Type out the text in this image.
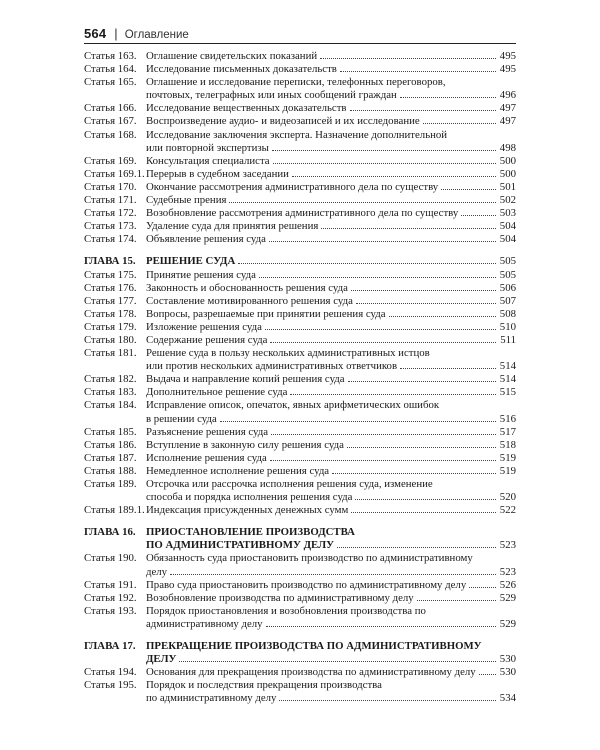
564 | Оглавление
Статья 163. Оглашение свидетельских показаний	495
Статья 164. Исследование письменных доказательств	495
Статья 165. Оглашение и исследование переписки, телефонных переговоров,
почтовых, телеграфных или иных сообщений граждан	496
Статья 166. Исследование вещественных доказательств	497
Статья 167. Воспроизведение аудио- и видеозаписей и их исследование	497
Статья 168. Исследование заключения эксперта. Назначение дополнительной
или повторной экспертизы	498
Статья 169. Консультация специалиста	500
Статья 169.1. Перерыв в судебном заседании	500
Статья 170. Окончание рассмотрения административного дела по существу	501
Статья 171. Судебные прения	502
Статья 172. Возобновление рассмотрения административного дела по существу	503
Статья 173. Удаление суда для принятия решения	504
Статья 174. Объявление решения суда	504
ГЛАВА 15. РЕШЕНИЕ СУДА	505
Статья 175. Принятие решения суда	505
Статья 176. Законность и обоснованность решения суда	506
Статья 177. Составление мотивированного решения суда	507
Статья 178. Вопросы, разрешаемые при принятии решения суда	508
Статья 179. Изложение решения суда	510
Статья 180. Содержание решения суда	511
Статья 181. Решение суда в пользу нескольких административных истцов
или против нескольких административных ответчиков	514
Статья 182. Выдача и направление копий решения суда	514
Статья 183. Дополнительное решение суда	515
Статья 184. Исправление описок, опечаток, явных арифметических ошибок
в решении суда	516
Статья 185. Разъяснение решения суда	517
Статья 186. Вступление в законную силу решения суда	518
Статья 187. Исполнение решения суда	519
Статья 188. Немедленное исполнение решения суда	519
Статья 189. Отсрочка или рассрочка исполнения решения суда, изменение
способа и порядка исполнения решения суда	520
Статья 189.1. Индексация присужденных денежных сумм	522
ГЛАВА 16. ПРИОСТАНОВЛЕНИЕ ПРОИЗВОДСТВА
ПО АДМИНИСТРАТИВНОМУ ДЕЛУ	523
Статья 190. Обязанность суда приостановить производство по административному
делу	523
Статья 191. Право суда приостановить производство по административному делу	526
Статья 192. Возобновление производства по административному делу	529
Статья 193. Порядок приостановления и возобновления производства по
административному делу	529
ГЛАВА 17. ПРЕКРАЩЕНИЕ ПРОИЗВОДСТВА ПО АДМИНИСТРАТИВНОМУ
ДЕЛУ	530
Статья 194. Основания для прекращения производства по административному делу 530
Статья 195. Порядок и последствия прекращения производства
по административному делу	534
